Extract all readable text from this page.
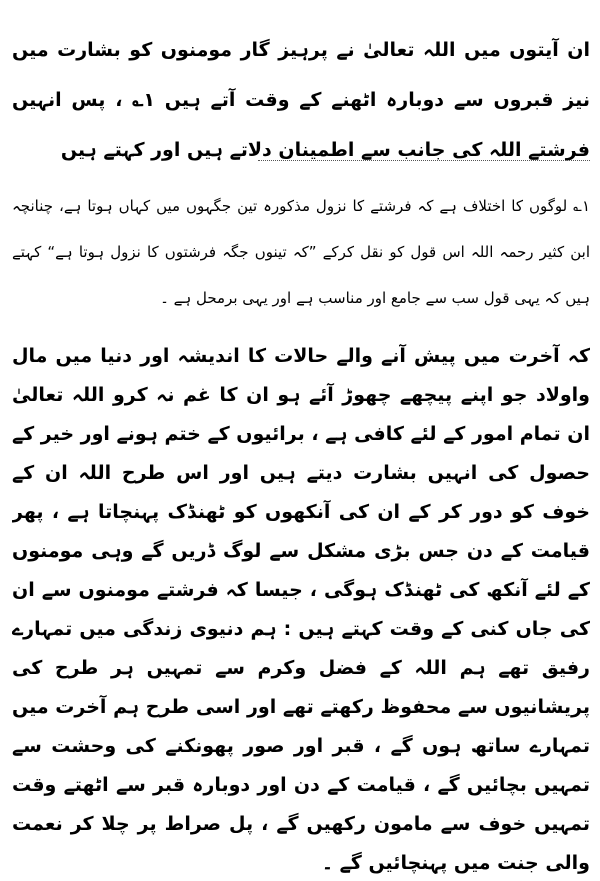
ان آیتوں میں اللہ تعالیٰ نے پرہیز گار مومنوں کو بشارت میں نیز قبروں سے دوبارہ اٹھنے کے وقت آتے ہیں ۱؎ ، پس انہیں فرشتے اللہ کی جانب سے اطمینان دلاتے ہیں اور کہتے ہیں

۱؎ لوگوں کا اختلاف ہے کہ فرشتے کا نزول مذکورہ تین جگہوں میں کہاں ہوتا ہے، چنانچہ ابن کثیر رحمہ اللہ اس قول کو نقل کرکے ”کہ تینوں جگہ فرشتوں کا نزول ہوتا ہے“ کہتے ہیں کہ یہی قول سب سے جامع اور مناسب ہے اور یہی برمحل ہے ۔

کہ آخرت میں پیش آنے والے حالات کا اندیشہ اور دنیا میں مال واولاد جو اپنے پیچھے چھوڑ آئے ہو ان کا غم نہ کرو اللہ تعالیٰ ان تمام امور کے لئے کافی ہے ، برائیوں کے ختم ہونے اور خیر کے حصول کی انہیں بشارت دیتے ہیں اور اس طرح اللہ ان کے خوف کو دور کر کے ان کی آنکھوں کو ٹھنڈک پہنچاتا ہے ، پھر قیامت کے دن جس بڑی مشکل سے لوگ ڈریں گے وہی مومنوں کے لئے آنکھ کی ٹھنڈک ہوگی ، جیسا کہ فرشتے مومنوں سے ان کی جاں کنی کے وقت کہتے ہیں : ہم دنیوی زندگی میں تمہارے رفیق تھے ہم اللہ کے فضل وکرم سے تمہیں ہر طرح کی پریشانیوں سے محفوظ رکھتے تھے اور اسی طرح ہم آخرت میں تمہارے ساتھ ہوں گے ، قبر اور صور پھونکنے کی وحشت سے تمہیں بچائیں گے ، قیامت کے دن اور دوبارہ قبر سے اٹھتے وقت تمہیں خوف سے مامون رکھیں گے ، پل صراط پر چلا کر نعمت والی جنت میں پہنچائیں گے ۔
